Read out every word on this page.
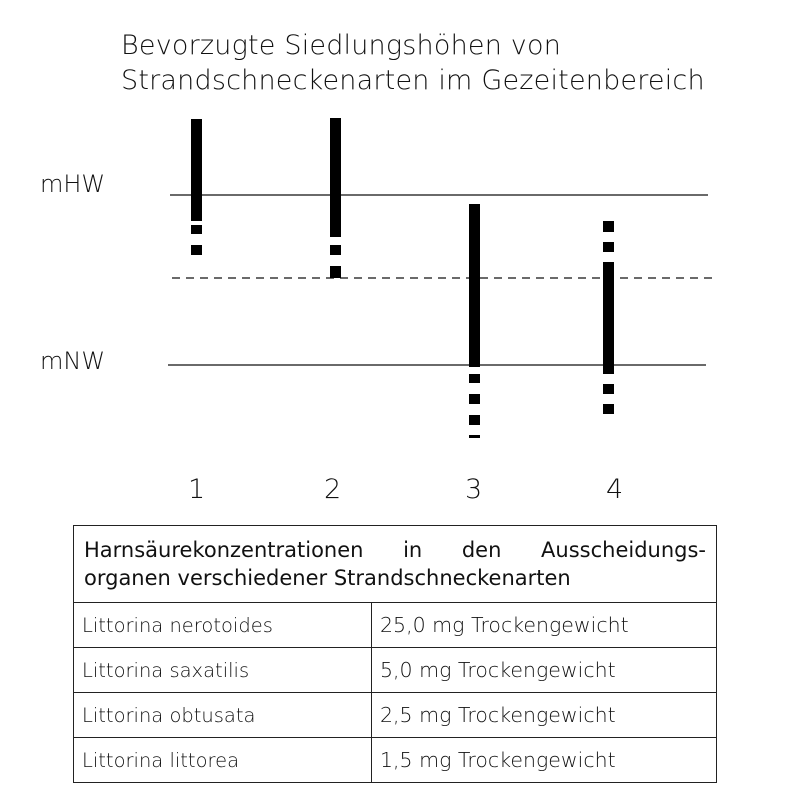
Bevorzugte Siedlungshöhen von
Strandschneckenarten im Gezeitenbereich
mHW
mNW
1	2	3	4
Harnsäurekonzentrationen in den Ausscheidungs-
organen verschiedener Strandschneckenarten	

Littorina nerotoides	25,0 mg Trockengewicht
Littorina saxatilis	5,0 mg Trockengewicht
Littorina obtusata	2,5 mg Trockengewicht
Littorina littorea	1,5 mg Trockengewicht
